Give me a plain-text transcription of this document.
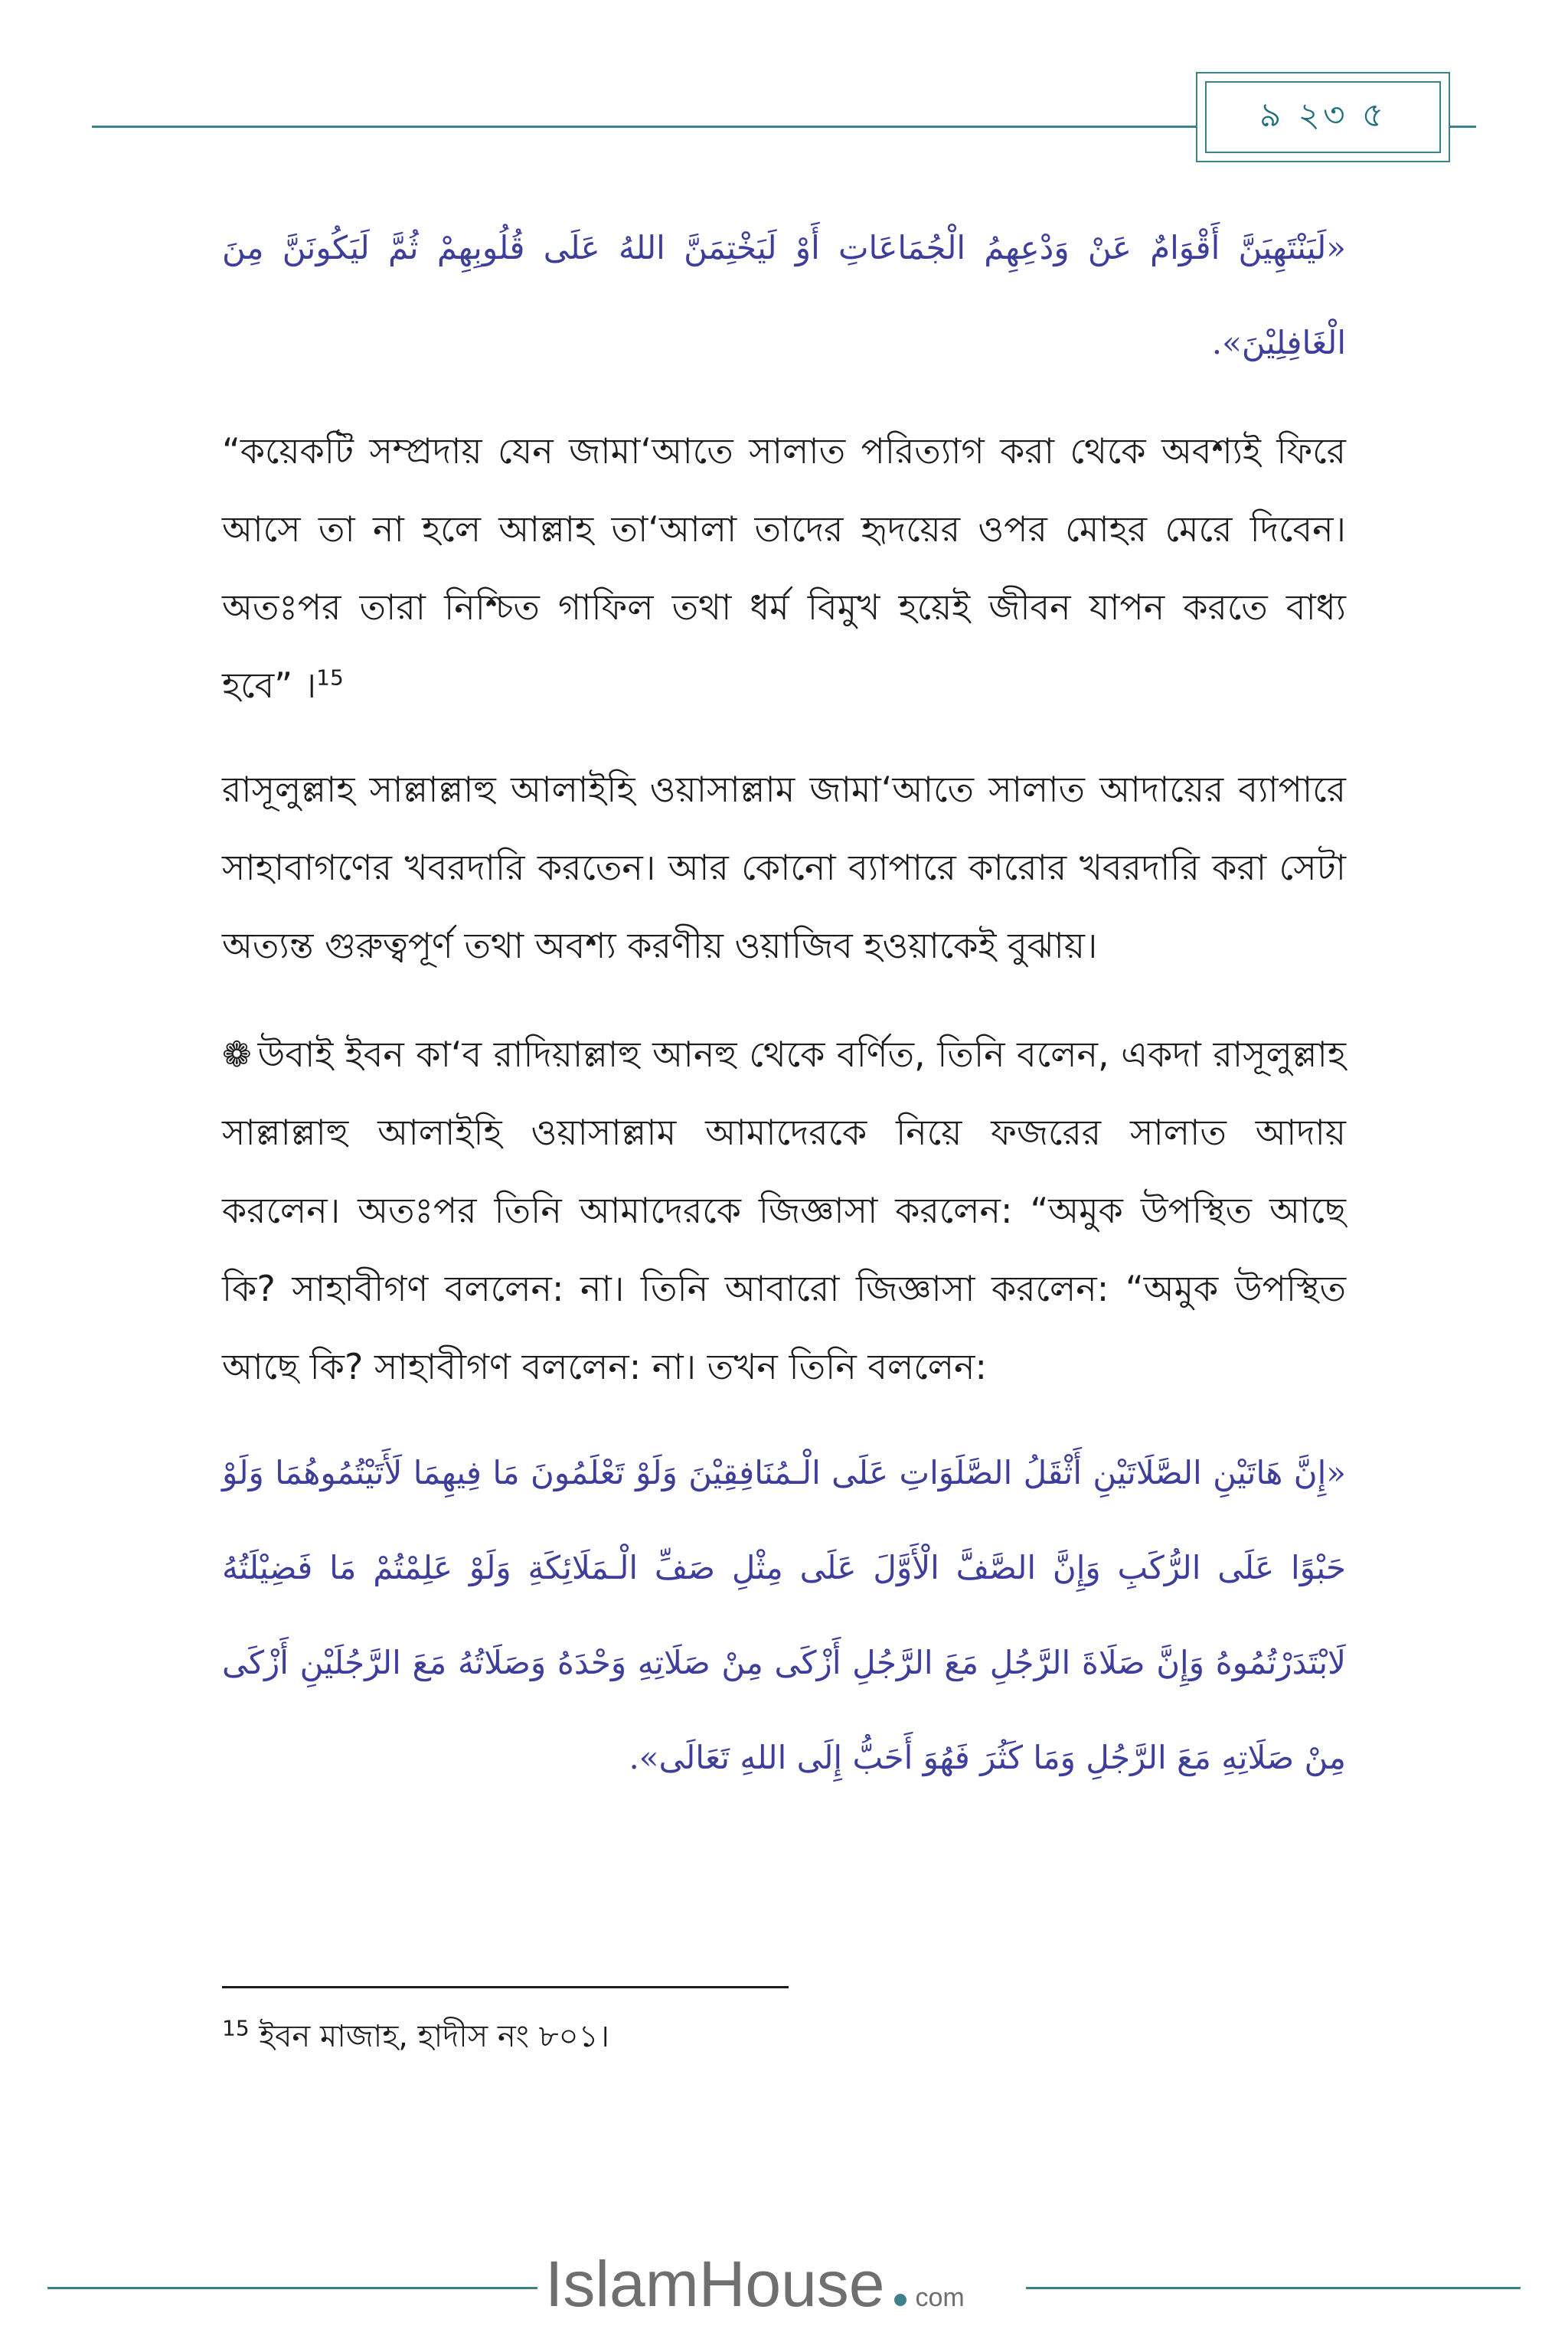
৯ ২৩ ৫

«لَيَنْتَهِيَنَّ أَقْوَامٌ عَنْ وَدْعِهِمُ الْجُمَاعَاتِ أَوْ لَيَخْتِمَنَّ اللهُ عَلَى قُلُوبِهِمْ ثُمَّ لَيَكُونَنَّ مِنَ الْغَافِلِيْنَ».

“কয়েকটি সম্প্রদায় যেন জামা‘আতে সালাত পরিত্যাগ করা থেকে অবশ্যই ফিরে আসে তা না হলে আল্লাহ তা‘আলা তাদের হৃদয়ের ওপর মোহর মেরে দিবেন। অতঃপর তারা নিশ্চিত গাফিল তথা ধর্ম বিমুখ হয়েই জীবন যাপন করতে বাধ্য হবে” ।$^{15}$

রাসূলুল্লাহ সাল্লাল্লাহু আলাইহি ওয়াসাল্লাম জামা‘আতে সালাত আদায়ের ব্যাপারে সাহাবাগণের খবরদারি করতেন। আর কোনো ব্যাপারে কারোর খবরদারি করা সেটা অত্যন্ত গুরুত্বপূর্ণ তথা অবশ্য করণীয় ওয়াজিব হওয়াকেই বুঝায়।

❁ উবাই ইবন কা‘ব রাদিয়াল্লাহু আনহু থেকে বর্ণিত, তিনি বলেন, একদা রাসূলুল্লাহ সাল্লাল্লাহু আলাইহি ওয়াসাল্লাম আমাদেরকে নিয়ে ফজরের সালাত আদায় করলেন। অতঃপর তিনি আমাদেরকে জিজ্ঞাসা করলেন: “অমুক উপস্থিত আছে কি? সাহাবীগণ বললেন: না। তিনি আবারো জিজ্ঞাসা করলেন: “অমুক উপস্থিত আছে কি? সাহাবীগণ বললেন: না। তখন তিনি বললেন:

«إِنَّ هَاتَيْنِ الصَّلَاتَيْنِ أَثْقَلُ الصَّلَوَاتِ عَلَى الْـمُنَافِقِيْنَ وَلَوْ تَعْلَمُونَ مَا فِيهِمَا لَأَتَيْتُمُوهُمَا وَلَوْ حَبْوًا عَلَى الرُّكَبِ وَإِنَّ الصَّفَّ الْأَوَّلَ عَلَى مِثْلِ صَفِّ الْـمَلَائِكَةِ وَلَوْ عَلِمْتُمْ مَا فَضِيْلَتُهُ لَابْتَدَرْتُمُوهُ وَإِنَّ صَلَاةَ الرَّجُلِ مَعَ الرَّجُلِ أَزْكَى مِنْ صَلَاتِهِ وَحْدَهُ وَصَلَاتُهُ مَعَ الرَّجُلَيْنِ أَزْكَى مِنْ صَلَاتِهِ مَعَ الرَّجُلِ وَمَا كَثُرَ فَهُوَ أَحَبُّ إِلَى اللهِ تَعَالَى».

$^{15}$ ইবন মাজাহ, হাদীস নং ৮০১।
IslamHouse com
